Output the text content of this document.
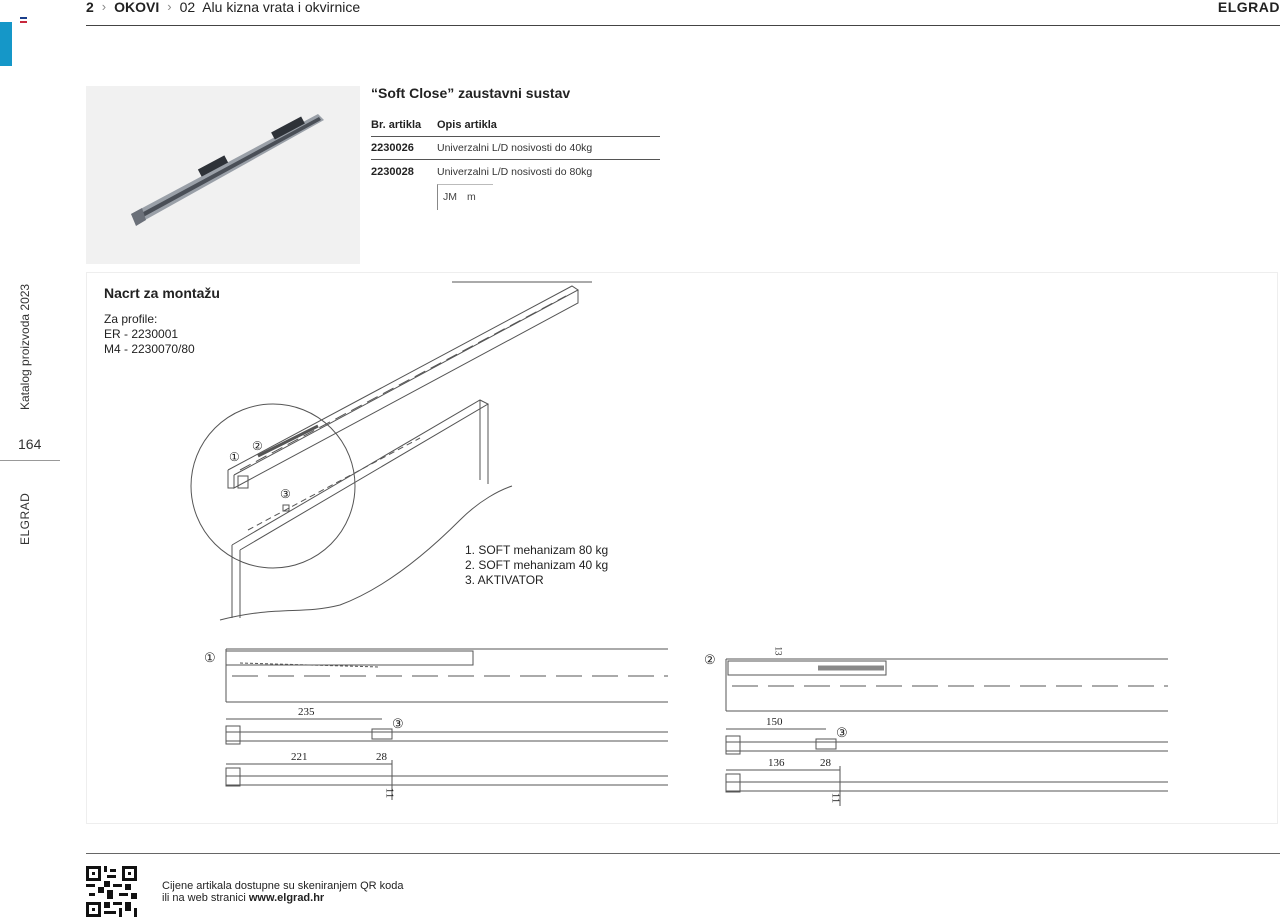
Katalog proizvoda 2023
164
ELGRAD
2 › OKOVI › 02  Alu kizna vrata i okvirnice	ELGRAD
“Soft Close” zaustavni sustav
Br. artikla	Opis artikla
2230026	Univerzalni L/D nosivosti do 40kg
2230028	Univerzalni L/D nosivosti do 80kg
JM m
①
②
③
①
235
③
221	28
11
②
13
150
③
136	28
11
Nacrt za montažu
Za profile:
ER - 2230001
M4 - 2230070/80
1. SOFT mehanizam 80 kg
2. SOFT mehanizam 40 kg
3. AKTIVATOR
Cijene artikala dostupne su skeniranjem QR koda
ili na web stranici www.elgrad.hr
